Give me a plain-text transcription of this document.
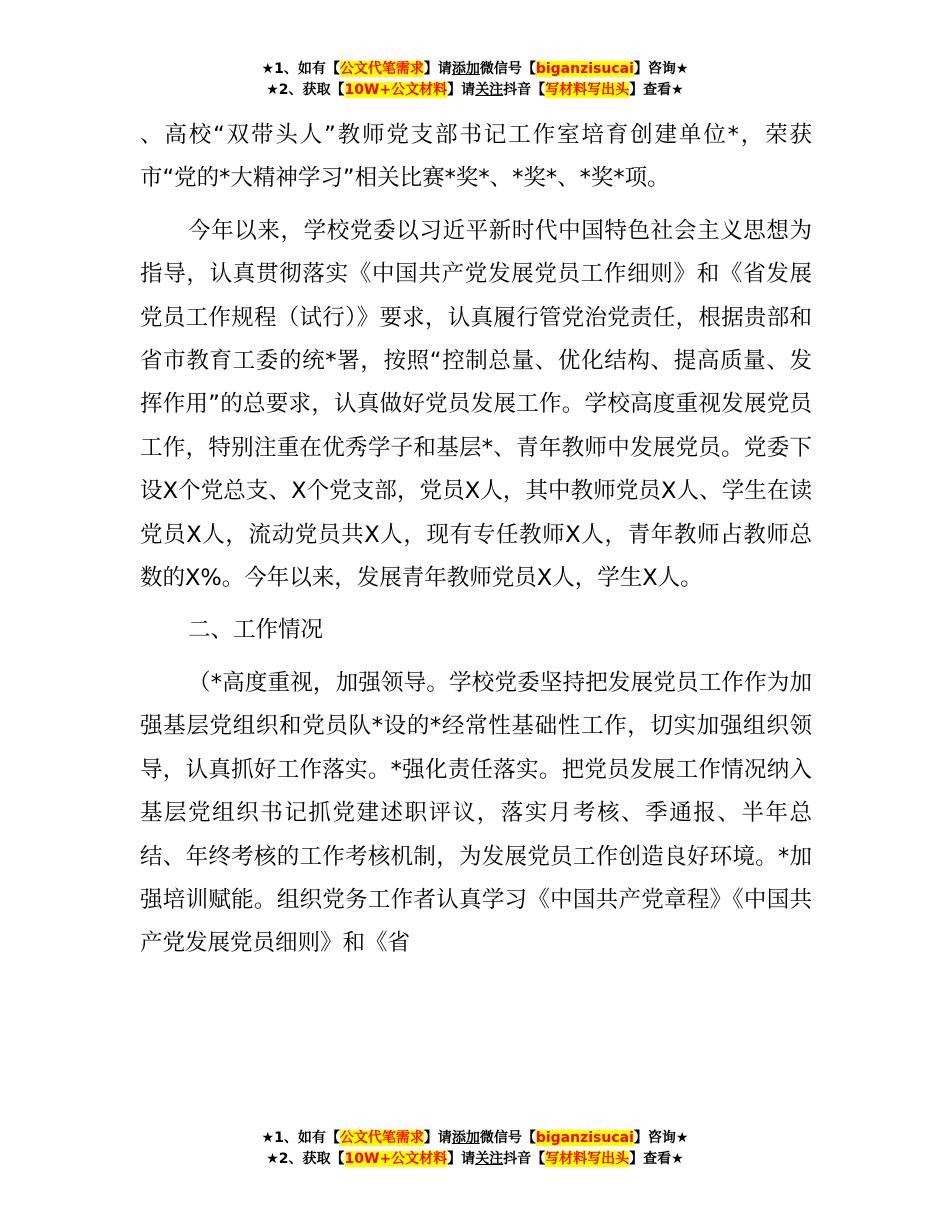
★1、如有【公文代笔需求】请添加微信号【biganzisucai】咨询★
★2、获取【10W+公文材料】请关注抖音【写材料写出头】查看★

、高校“双带头人”教师党支部书记工作室培育创建单位*，荣获市“党的*大精神学习”相关比赛*奖*、*奖*、*奖*项。

今年以来，学校党委以习近平新时代中国特色社会主义思想为指导，认真贯彻落实《中国共产党发展党员工作细则》和《省发展党员工作规程（试行）》要求，认真履行管党治党责任，根据贵部和省市教育工委的统*署，按照“控制总量、优化结构、提高质量、发挥作用”的总要求，认真做好党员发展工作。学校高度重视发展党员工作，特别注重在优秀学子和基层*、青年教师中发展党员。党委下设X个党总支、X个党支部，党员X人，其中教师党员X人、学生在读党员X人，流动党员共X人，现有专任教师X人，青年教师占教师总数的X%。今年以来，发展青年教师党员X人，学生X人。

二、工作情况

（*高度重视，加强领导。学校党委坚持把发展党员工作作为加强基层党组织和党员队*设的*经常性基础性工作，切实加强组织领导，认真抓好工作落实。*强化责任落实。把党员发展工作情况纳入基层党组织书记抓党建述职评议，落实月考核、季通报、半年总结、年终考核的工作考核机制，为发展党员工作创造良好环境。*加强培训赋能。组织党务工作者认真学习《中国共产党章程》《中国共产党发展党员细则》和《省

★1、如有【公文代笔需求】请添加微信号【biganzisucai】咨询★
★2、获取【10W+公文材料】请关注抖音【写材料写出头】查看★
